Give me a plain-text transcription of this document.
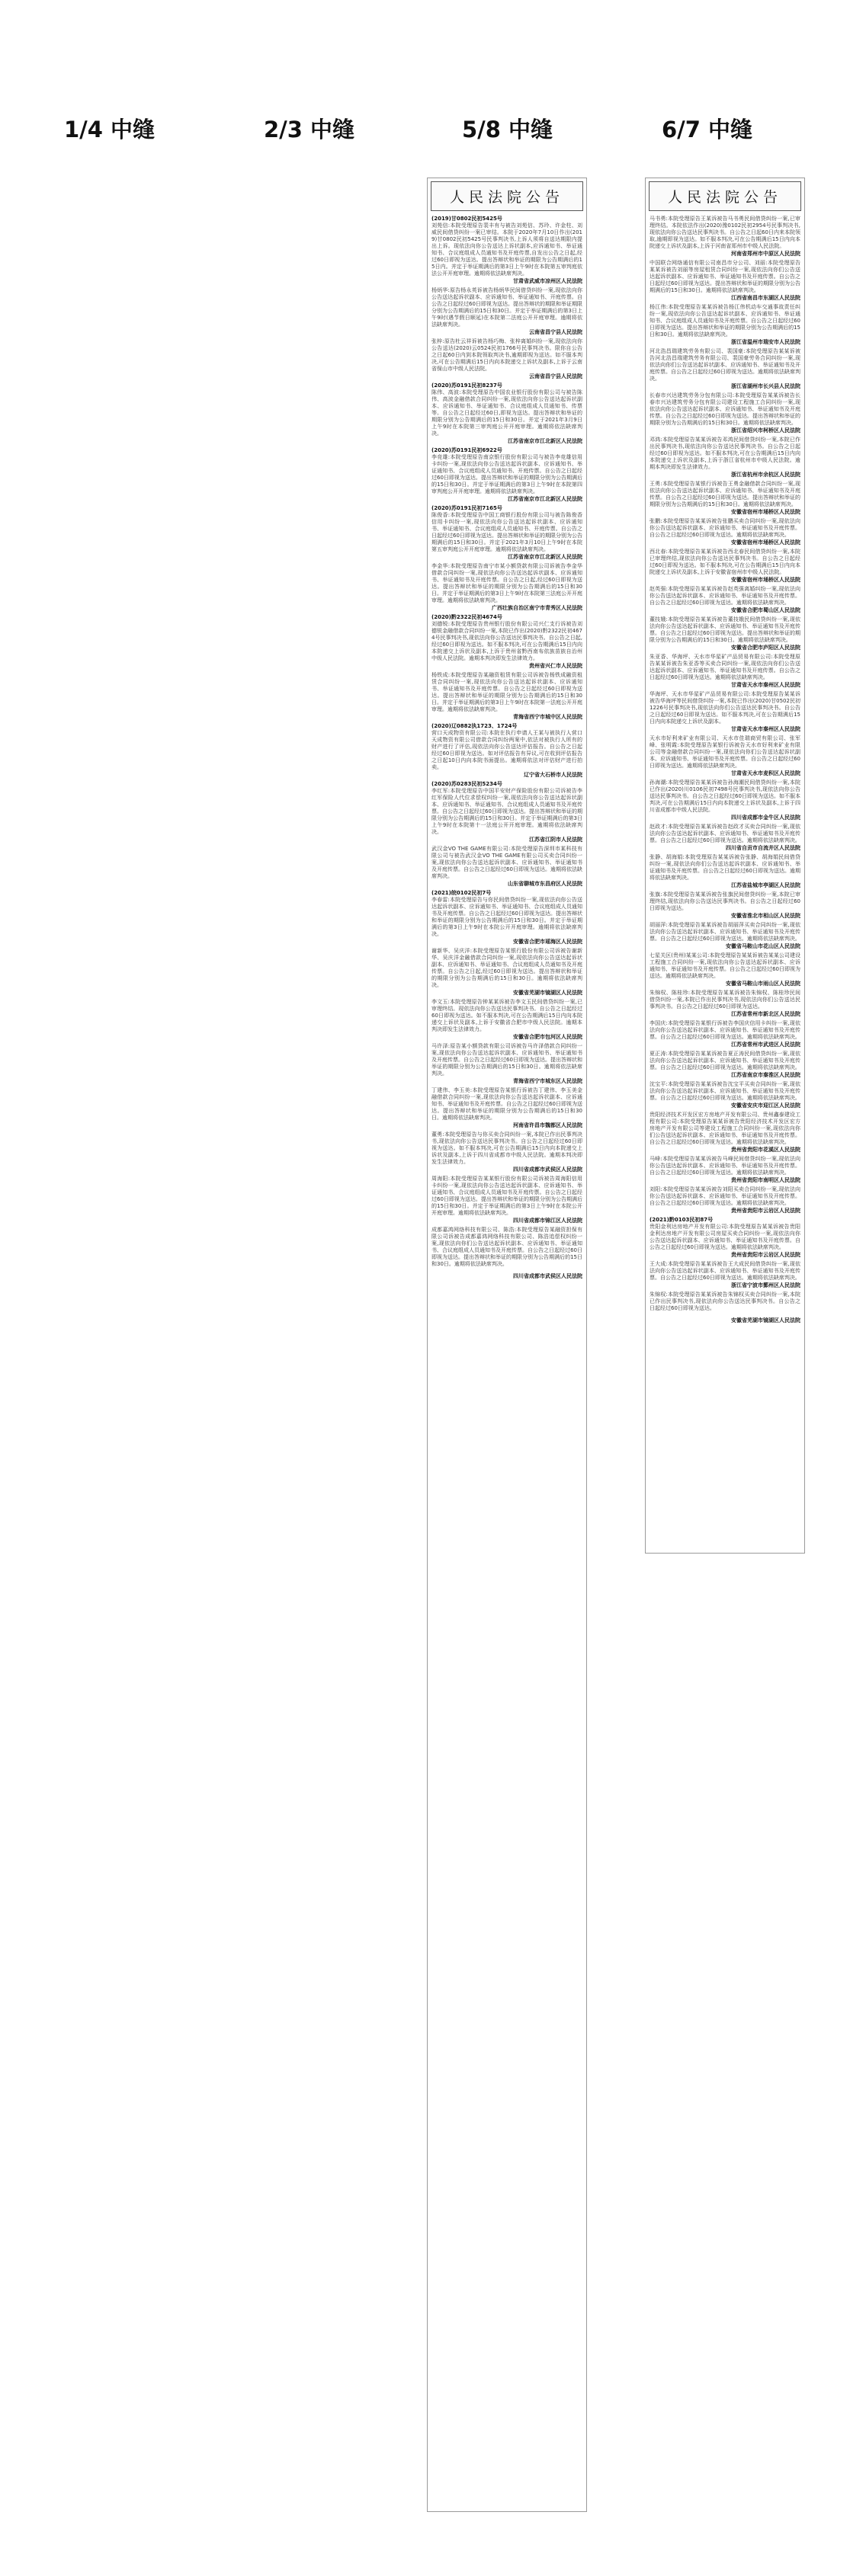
1/4 中缝	2/3 中缝	5/8 中缝	6/7 中缝
人民法院公告
(2019)甘0802民初5425号
刘苑信:本院受理原告裴丰有与被告刘苑信、苏玲、许金柱、刘威民间借贷纠纷一案已审结。本院于2020年7月10日作出(2019)甘0802民初5425号民事判决书,上诉人须将自送达期限内提出上诉。现依法向你公告送达上诉状副本,应诉通知书、举证通知书、合议庭组成人员通知书及开庭传票,自发出公告之日起,经过60日即视为送达。提出答辩状和举证的期限为公告期满后的15日内。并定于举证期满后的第3日上午9时在本院第五审判庭依法公开开庭审理。逾期将依法缺席判决。
甘肃省武威市凉州区人民法院
杨炳华:原告杨永英诉被告杨炳华民间借贷纠纷一案,现依法向你公告送达起诉状副本、应诉通知书、举证通知书、开庭传票。自公告之日起经过60日即视为送达。提出答辩状的期限和举证期限分别为公告期满后的15日和30日。并定于举证期满后的第3日上午9时(遇节假日顺延)在本院第二法庭公开开庭审理。逾期将依法缺席判决。
云南省昌宁县人民法院
张梓:原告杜云祥诉被告杨巧梅、张梓离婚纠纷一案,现依法向你公告送达(2020)云0524民初1766号民事判决书。限你自公告之日起60日内到本院领取判决书,逾期即视为送达。如不服本判决,可在公告期满后15日内向本院递交上诉状及副本,上诉于云南省保山市中级人民法院。
云南省昌宁县人民法院
(2020)苏0191民初8237号
陈伟、高波:本院受理原告中国农业银行股份有限公司与被告陈伟、高波金融借款合同纠纷一案,现依法向你公告送达起诉状副本、应诉通知书、举证通知书、合议庭组成人员通知书、传票等。自公告之日起经过60日,即视为送达。提出答辩状和举证的期限分别为公告期满后的15日和30日。并定于2021年3月9日上午9时在本院第三审判庭公开开庭审理。逾期将依法缺席判决。
江苏省南京市江北新区人民法院
(2020)苏0191民初6922号
李竞雄:本院受理原告南京银行股份有限公司与被告李竞雄信用卡纠纷一案,现依法向你公告送达起诉状副本、应诉通知书、举证通知书、合议庭组成人员通知书、开庭传票。自公告之日起经过60日即视为送达。提出答辩状和举证的期限分别为公告期满后的15日和30日。并定于举证期满后的第3日上午9时在本院第四审判庭公开开庭审理。逾期将依法缺席判决。
江苏省南京市江北新区人民法院
(2020)苏0191民初7165号
陈俊香:本院受理原告中国工商银行股份有限公司与被告陈俊香信用卡纠纷一案,现依法向你公告送达起诉状副本、应诉通知书、举证通知书、合议庭组成人员通知书、开庭传票。自公告之日起经过60日即视为送达。提出答辩状和举证的期限分别为公告期满后的15日和30日。并定于2021年3月10日上午9时在本院第五审判庭公开开庭审理。逾期将依法缺席判决。
江苏省南京市江北新区人民法院
李金华:本院受理原告南宁市某小额贷款有限公司诉被告李金华借款合同纠纷一案,现依法向你公告送达起诉状副本、应诉通知书、举证通知书及开庭传票。自公告之日起,经过60日即视为送达。提出答辩状和举证的期限分别为公告期满后的15日和30日。并定于举证期满后的第3日上午9时在本院第三法庭公开开庭审理。逾期将依法缺席判决。
广西壮族自治区南宁市青秀区人民法院
(2020)黔2322民初4674号
刘德锐:本院受理原告贵州银行股份有限公司兴仁支行诉被告刘德锐金融借款合同纠纷一案,本院已作出(2020)黔2322民初4674号民事判决书,现依法向你公告送达民事判决书。自公告之日起,经过60日即视为送达。如不服本判决,可在公告期满后15日内向本院递交上诉状及副本,上诉于贵州省黔西南布依族苗族自治州中级人民法院。逾期本判决即发生法律效力。
贵州省兴仁市人民法院
杨铁成:本院受理原告某融资租赁有限公司诉被告杨铁成融资租赁合同纠纷一案,现依法向你公告送达起诉状副本、应诉通知书、举证通知书及开庭传票。自公告之日起经过60日即视为送达。提出答辩状和举证的期限分别为公告期满后的15日和30日。并定于举证期满后的第3日上午9时在本院第一法庭公开开庭审理。逾期将依法缺席判决。
青海省西宁市城中区人民法院
(2020)辽0882执1723、1724号
营口天成物资有限公司:本院在执行申请人王某与被执行人营口天成物资有限公司借款合同纠纷两案中,依法对被执行人所有的财产进行了评估,现依法向你公告送达评估报告。自公告之日起经过60日即视为送达。如对评估报告有异议,可在收到评估报告之日起10日内向本院书面提出。逾期将依法对评估财产进行拍卖。
辽宁省大石桥市人民法院
(2020)苏0283民初5234号
李红军:本院受理原告中国平安财产保险股份有限公司诉被告李红军保险人代位求偿权纠纷一案,现依法向你公告送达起诉状副本、应诉通知书、举证通知书、合议庭组成人员通知书及开庭传票。自公告之日起经过60日即视为送达。提出答辩状和举证的期限分别为公告期满后的15日和30日。并定于举证期满后的第3日上午9时在本院第十一法庭公开开庭审理。逾期将依法缺席判决。
江苏省江阴市人民法院
武汉金VO THE GAME有限公司:本院受理原告深圳市某科技有限公司与被告武汉金VO THE GAME有限公司买卖合同纠纷一案,现依法向你公告送达起诉状副本、应诉通知书、举证通知书及开庭传票。自公告之日起经过60日即视为送达。逾期将依法缺席判决。
山东省聊城市东昌府区人民法院
(2021)皖0102民初7号
李春雷:本院受理原告与你民间借贷纠纷一案,现依法向你公告送达起诉状副本、应诉通知书、举证通知书、合议庭组成人员通知书及开庭传票。自公告之日起经过60日即视为送达。提出答辩状和举证的期限分别为公告期满后的15日和30日。并定于举证期满后的第3日上午9时在本院公开开庭审理。逾期将依法缺席判决。
安徽省合肥市瑶海区人民法院
谢新华、吴庆洋:本院受理原告某银行股份有限公司诉被告谢新华、吴庆洋金融借款合同纠纷一案,现依法向你公告送达起诉状副本、应诉通知书、举证通知书、合议庭组成人员通知书及开庭传票。自公告之日起,经过60日即视为送达。提出答辩状和举证的期限分别为公告期满后的15日和30日。逾期将依法缺席判决。
安徽省芜湖市镜湖区人民法院
李文玉:本院受理原告钟某某诉被告李文玉民间借贷纠纷一案,已审理终结。现依法向你公告送达民事判决书。自公告之日起经过60日即视为送达。如不服本判决,可在公告期满后15日内向本院递交上诉状及副本,上诉于安徽省合肥市中级人民法院。逾期本判决即发生法律效力。
安徽省合肥市包河区人民法院
马许泽:原告某小额贷款有限公司诉被告马许泽借款合同纠纷一案,现依法向你公告送达起诉状副本、应诉通知书、举证通知书及开庭传票。自公告之日起经过60日即视为送达。提出答辩状和举证的期限分别为公告期满后的15日和30日。逾期将依法缺席判决。
青海省西宁市城东区人民法院
丁建伟、李玉美:本院受理原告某银行诉被告丁建伟、李玉美金融借款合同纠纷一案,现依法向你公告送达起诉状副本、应诉通知书、举证通知书及开庭传票。自公告之日起经过60日即视为送达。提出答辩状和举证的期限分别为公告期满后的15日和30日。逾期将依法缺席判决。
河南省许昌市魏都区人民法院
董勇:本院受理原告与你买卖合同纠纷一案,本院已作出民事判决书,现依法向你公告送达民事判决书。自公告之日起经过60日即视为送达。如不服本判决,可在公告期满后15日内向本院递交上诉状及副本,上诉于四川省成都市中级人民法院。逾期本判决即发生法律效力。
四川省成都市武侯区人民法院
周海阳:本院受理原告某某银行股份有限公司诉被告周海阳信用卡纠纷一案,现依法向你公告送达起诉状副本、应诉通知书、举证通知书、合议庭组成人员通知书及开庭传票。自公告之日起经过60日即视为送达。提出答辩状和举证的期限分别为公告期满后的15日和30日。并定于举证期满后的第3日上午9时在本院公开开庭审理。逾期将依法缺席判决。
四川省成都市锦江区人民法院
成都嘉鸿网络科技有限公司、陈浩:本院受理原告某融资担保有限公司诉被告成都嘉鸿网络科技有限公司、陈浩追偿权纠纷一案,现依法向你们公告送达起诉状副本、应诉通知书、举证通知书、合议庭组成人员通知书及开庭传票。自公告之日起经过60日即视为送达。提出答辩状和举证的期限分别为公告期满后的15日和30日。逾期将依法缺席判决。
四川省成都市武侯区人民法院
人民法院公告
马书勇:本院受理原告王某诉被告马书勇民间借贷纠纷一案,已审理终结。本院依法作出(2020)豫0102民初2954号民事判决书,现依法向你公告送达民事判决书。自公告之日起60日内来本院领取,逾期即视为送达。如不服本判决,可在公告期满后15日内向本院递交上诉状及副本,上诉于河南省郑州市中级人民法院。
河南省郑州市中原区人民法院
中国联合网络通信有限公司南昌市分公司、刘丽:本院受理原告某某诉被告刘丽等房屋租赁合同纠纷一案,现依法向你们公告送达起诉状副本、应诉通知书、举证通知书及开庭传票。自公告之日起经过60日即视为送达。提出答辩状和举证的期限分别为公告期满后的15日和30日。逾期将依法缺席判决。
江西省南昌市东湖区人民法院
杨江伟:本院受理原告某某诉被告杨江伟机动车交通事故责任纠纷一案,现依法向你公告送达起诉状副本、应诉通知书、举证通知书、合议庭组成人员通知书及开庭传票。自公告之日起经过60日即视为送达。提出答辩状和举证的期限分别为公告期满后的15日和30日。逾期将依法缺席判决。
浙江省温州市瑞安市人民法院
河北浩昌瑞建筑劳务有限公司、裴国豪:本院受理原告某某诉被告河北浩昌瑞建筑劳务有限公司、裴国豪劳务合同纠纷一案,现依法向你们公告送达起诉状副本、应诉通知书、举证通知书及开庭传票。自公告之日起经过60日即视为送达。逾期将依法缺席判决。
浙江省湖州市长兴县人民法院
长春市兴达建筑劳务分包有限公司:本院受理原告某某诉被告长春市兴达建筑劳务分包有限公司建设工程施工合同纠纷一案,现依法向你公告送达起诉状副本、应诉通知书、举证通知书及开庭传票。自公告之日起经过60日即视为送达。提出答辩状和举证的期限分别为公告期满后的15日和30日。逾期将依法缺席判决。
浙江省绍兴市柯桥区人民法院
邓鸿:本院受理原告某某诉被告邓鸿民间借贷纠纷一案,本院已作出民事判决书,现依法向你公告送达民事判决书。自公告之日起经过60日即视为送达。如不服本判决,可在公告期满后15日内向本院递交上诉状及副本,上诉于浙江省杭州市中级人民法院。逾期本判决即发生法律效力。
浙江省杭州市余杭区人民法院
王勇:本院受理原告某银行诉被告王勇金融借款合同纠纷一案,现依法向你公告送达起诉状副本、应诉通知书、举证通知书及开庭传票。自公告之日起经过60日即视为送达。提出答辩状和举证的期限分别为公告期满后的15日和30日。逾期将依法缺席判决。
安徽省宿州市埇桥区人民法院
张鹏:本院受理原告某某诉被告张鹏买卖合同纠纷一案,现依法向你公告送达起诉状副本、应诉通知书、举证通知书及开庭传票。自公告之日起经过60日即视为送达。逾期将依法缺席判决。
安徽省宿州市埇桥区人民法院
西北春:本院受理原告某某诉被告西北春民间借贷纠纷一案,本院已审理终结,现依法向你公告送达民事判决书。自公告之日起经过60日即视为送达。如不服本判决,可在公告期满后15日内向本院递交上诉状及副本,上诉于安徽省宿州市中级人民法院。
安徽省宿州市埇桥区人民法院
赵英强:本院受理原告某某诉被告赵英强离婚纠纷一案,现依法向你公告送达起诉状副本、应诉通知书、举证通知书及开庭传票。自公告之日起经过60日即视为送达。逾期将依法缺席判决。
安徽省合肥市蜀山区人民法院
董技娥:本院受理原告某某诉被告董技娥民间借贷纠纷一案,现依法向你公告送达起诉状副本、应诉通知书、举证通知书及开庭传票。自公告之日起经过60日即视为送达。提出答辩状和举证的期限分别为公告期满后的15日和30日。逾期将依法缺席判决。
安徽省合肥市庐阳区人民法院
朱亚香、华海坪、天水市华星矿产品贸易有限公司:本院受理原告某某诉被告朱亚香等买卖合同纠纷一案,现依法向你们公告送达起诉状副本、应诉通知书、举证通知书及开庭传票。自公告之日起经过60日即视为送达。逾期将依法缺席判决。
甘肃省天水市秦州区人民法院
华海坪、天水市华星矿产品贸易有限公司:本院受理原告某某诉被告华海坪等民间借贷纠纷一案,本院已作出(2020)甘0502民初1226号民事判决书,现依法向你们公告送达民事判决书。自公告之日起经过60日即视为送达。如不服本判决,可在公告期满后15日内向本院递交上诉状及副本。
甘肃省天水市秦州区人民法院
天水市好利来矿业有限公司、天水市佳瑞商贸有限公司、张军峰、张明霞:本院受理原告某银行诉被告天水市好利来矿业有限公司等金融借款合同纠纷一案,现依法向你们公告送达起诉状副本、应诉通知书、举证通知书及开庭传票。自公告之日起经过60日即视为送达。逾期将依法缺席判决。
甘肃省天水市麦积区人民法院
孙海潮:本院受理原告某某诉被告孙海潮民间借贷纠纷一案,本院已作出(2020)川0106民初7498号民事判决书,现依法向你公告送达民事判决书。自公告之日起经过60日即视为送达。如不服本判决,可在公告期满后15日内向本院递交上诉状及副本,上诉于四川省成都市中级人民法院。
四川省成都市金牛区人民法院
赵政才:本院受理原告某某诉被告赵政才买卖合同纠纷一案,现依法向你公告送达起诉状副本、应诉通知书、举证通知书及开庭传票。自公告之日起经过60日即视为送达。逾期将依法缺席判决。
四川省自贡市自流井区人民法院
张静、胡海娟:本院受理原告某某诉被告张静、胡海娟民间借贷纠纷一案,现依法向你们公告送达起诉状副本、应诉通知书、举证通知书及开庭传票。自公告之日起经过60日即视为送达。逾期将依法缺席判决。
江苏省盐城市亭湖区人民法院
张旗:本院受理原告某某诉被告张旗民间借贷纠纷一案,本院已审理终结,现依法向你公告送达民事判决书。自公告之日起经过60日即视为送达。
安徽省淮北市相山区人民法院
胡丽萍:本院受理原告某某诉被告胡丽萍买卖合同纠纷一案,现依法向你公告送达起诉状副本、应诉通知书、举证通知书及开庭传票。自公告之日起经过60日即视为送达。逾期将依法缺席判决。
安徽省马鞍山市花山区人民法院
七星关区(贵州)某某公司:本院受理原告某某诉被告某某公司建设工程施工合同纠纷一案,现依法向你公告送达起诉状副本、应诉通知书、举证通知书及开庭传票。自公告之日起经过60日即视为送达。逾期将依法缺席判决。
安徽省马鞍山市雨山区人民法院
朱锦权、陈桂珍:本院受理原告某某诉被告朱锦权、陈桂珍民间借贷纠纷一案,本院已作出民事判决书,现依法向你们公告送达民事判决书。自公告之日起经过60日即视为送达。
江苏省常州市新北区人民法院
李国庆:本院受理原告某银行诉被告李国庆信用卡纠纷一案,现依法向你公告送达起诉状副本、应诉通知书、举证通知书及开庭传票。自公告之日起经过60日即视为送达。逾期将依法缺席判决。
江苏省常州市武进区人民法院
夏正涛:本院受理原告某某诉被告夏正涛民间借贷纠纷一案,现依法向你公告送达起诉状副本、应诉通知书、举证通知书及开庭传票。自公告之日起经过60日即视为送达。逾期将依法缺席判决。
江苏省南京市秦淮区人民法院
沈宝平:本院受理原告某某诉被告沈宝平买卖合同纠纷一案,现依法向你公告送达起诉状副本、应诉通知书、举证通知书及开庭传票。自公告之日起经过60日即视为送达。逾期将依法缺席判决。
安徽省安庆市迎江区人民法院
贵阳经济技术开发区宏方房地产开发有限公司、贵州鑫泰建设工程有限公司:本院受理原告某某诉被告贵阳经济技术开发区宏方房地产开发有限公司等建设工程施工合同纠纷一案,现依法向你们公告送达起诉状副本、应诉通知书、举证通知书及开庭传票。自公告之日起经过60日即视为送达。逾期将依法缺席判决。
贵州省贵阳市花溪区人民法院
马峰:本院受理原告某某诉被告马峰民间借贷纠纷一案,现依法向你公告送达起诉状副本、应诉通知书、举证通知书及开庭传票。自公告之日起经过60日即视为送达。逾期将依法缺席判决。
贵州省贵阳市南明区人民法院
刘阳:本院受理原告某某诉被告刘阳买卖合同纠纷一案,现依法向你公告送达起诉状副本、应诉通知书、举证通知书及开庭传票。自公告之日起经过60日即视为送达。逾期将依法缺席判决。
贵州省贵阳市云岩区人民法院
(2021)黔0103民初87号
贵阳金利达房地产开发有限公司:本院受理原告某某诉被告贵阳金利达房地产开发有限公司房屋买卖合同纠纷一案,现依法向你公告送达起诉状副本、应诉通知书、举证通知书及开庭传票。自公告之日起经过60日即视为送达。逾期将依法缺席判决。
贵州省贵阳市云岩区人民法院
王大成:本院受理原告某某诉被告王大成民间借贷纠纷一案,现依法向你公告送达起诉状副本、应诉通知书、举证通知书及开庭传票。自公告之日起经过60日即视为送达。逾期将依法缺席判决。
浙江省宁波市鄞州区人民法院
朱锦权:本院受理原告某某诉被告朱锦权买卖合同纠纷一案,本院已作出民事判决书,现依法向你公告送达民事判决书。自公告之日起经过60日即视为送达。
安徽省芜湖市镜湖区人民法院
